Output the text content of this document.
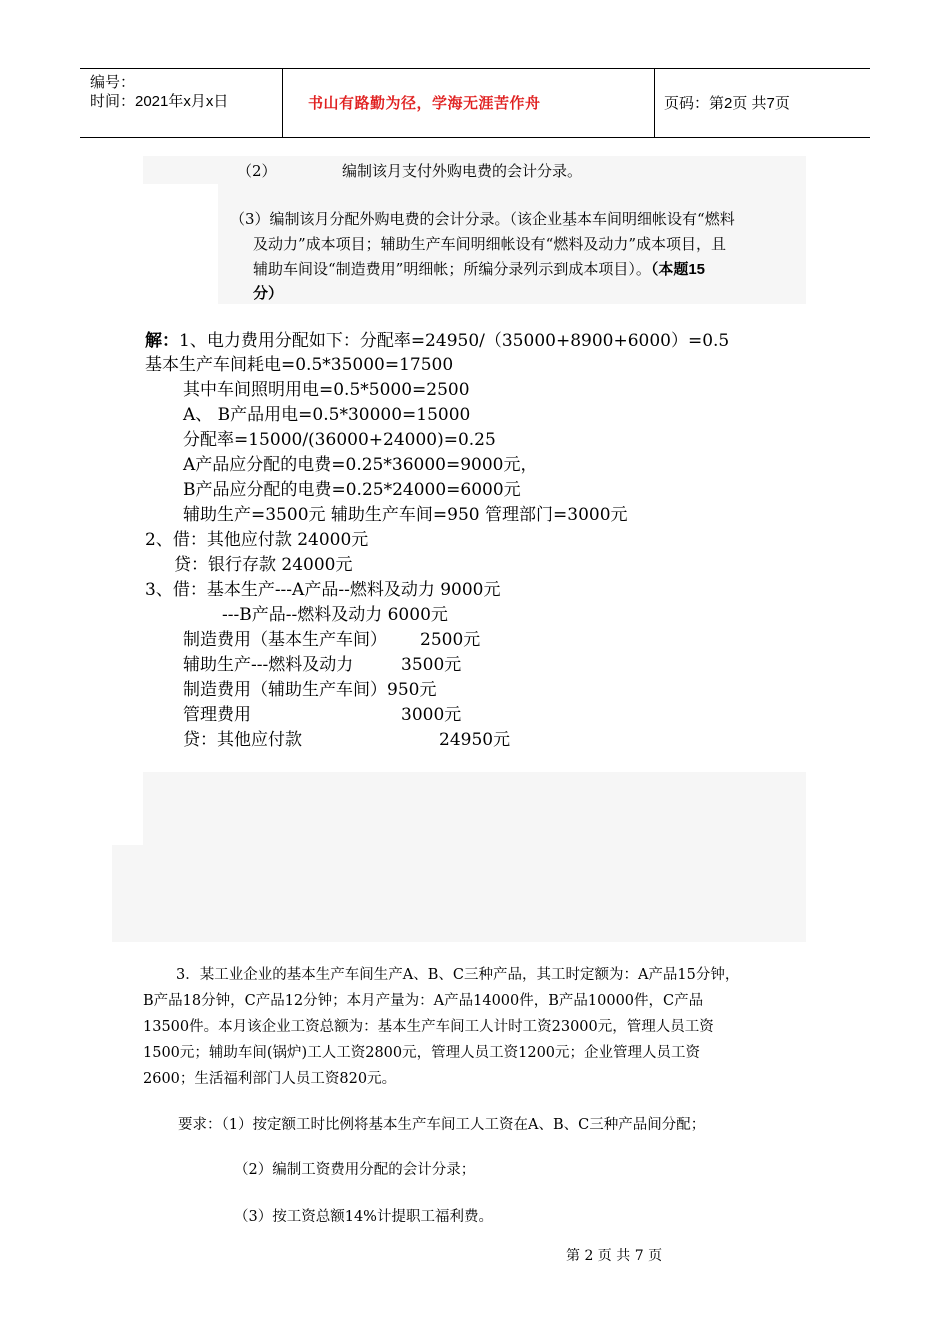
编号：
时间：2021年x月x日	书山有路勤为径，学海无涯苦作舟	页码：第2页 共7页
（2）	编制该月支付外购电费的会计分录。
（3）编制该月分配外购电费的会计分录。（该企业基本车间明细帐设有“燃料
及动力”成本项目；辅助生产车间明细帐设有“燃料及动力”成本项目，且
辅助车间设“制造费用”明细帐；所编分录列示到成本项目）。（本题15
分）
解：1、电力费用分配如下：分配率=24950/（35000+8900+6000）=0.5
基本生产车间耗电=0.5*35000=17500
其中车间照明用电=0.5*5000=2500
A、 B产品用电=0.5*30000=15000
分配率=15000/(36000+24000)=0.25
A产品应分配的电费=0.25*36000=9000元，
B产品应分配的电费=0.25*24000=6000元
辅助生产=3500元 辅助生产车间=950 管理部门=3000元
2、借：其他应付款 24000元
贷：银行存款 24000元
3、借：基本生产---A产品--燃料及动力 9000元
---B产品--燃料及动力 6000元
制造费用（基本生产车间） 2500元
辅助生产---燃料及动力	3500元
制造费用（辅助生产车间）950元
管理费用	3000元
贷：其他应付款	24950元
3．某工业企业的基本生产车间生产A、B、C三种产品，其工时定额为：A产品15分钟，
B产品18分钟，C产品12分钟；本月产量为：A产品14000件，B产品10000件，C产品
13500件。本月该企业工资总额为：基本生产车间工人计时工资23000元，管理人员工资
1500元；辅助车间(锅炉)工人工资2800元，管理人员工资1200元；企业管理人员工资
2600；生活福利部门人员工资820元。
要求：（1）按定额工时比例将基本生产车间工人工资在A、B、C三种产品间分配；
（2）编制工资费用分配的会计分录；
（3）按工资总额14%计提职工福利费。
第 2 页 共 7 页
